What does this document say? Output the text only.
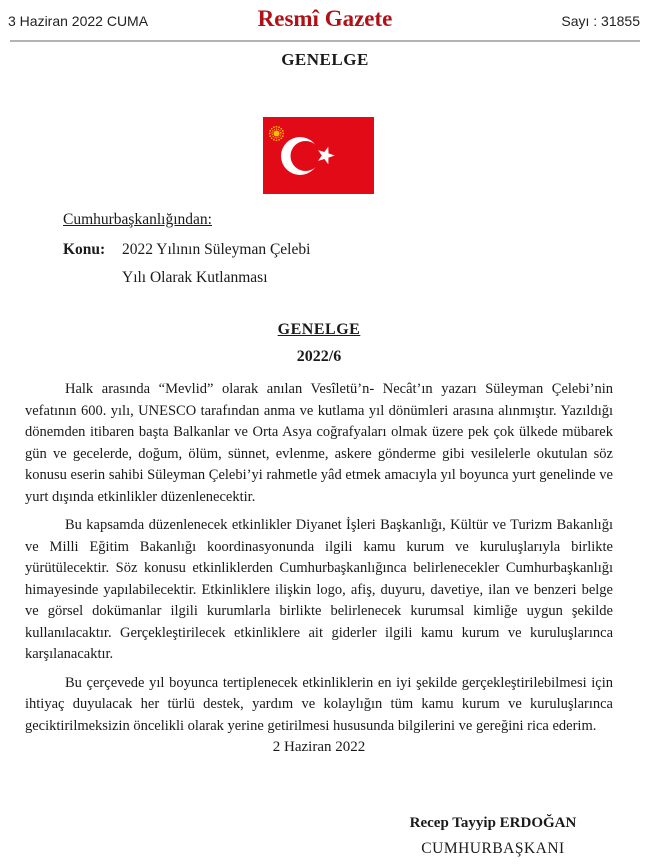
3 Haziran 2022 CUMA	Resmî Gazete	Sayı : 31855
GENELGE
Cumhurbaşkanlığından:
Konu:	2022 Yılının Süleyman Çelebi
Yılı Olarak Kutlanması
GENELGE
2022/6

Halk arasında “Mevlid” olarak anılan Vesîletü’n- Necât’ın yazarı Süleyman Çelebi’nin vefatının 600. yılı, UNESCO tarafından anma ve kutlama yıl dönümleri arasına alınmıştır. Yazıldığı dönemden itibaren başta Balkanlar ve Orta Asya coğrafyaları olmak üzere pek çok ülkede mübarek gün ve gecelerde, doğum, ölüm, sünnet, evlenme, askere gönderme gibi vesilelerle okutulan söz konusu eserin sahibi Süleyman Çelebi’yi rahmetle yâd etmek amacıyla yıl boyunca yurt genelinde ve yurt dışında etkinlikler düzenlenecektir.

Bu kapsamda düzenlenecek etkinlikler Diyanet İşleri Başkanlığı, Kültür ve Turizm Bakanlığı ve Milli Eğitim Bakanlığı koordinasyonunda ilgili kamu kurum ve kuruluşlarıyla birlikte yürütülecektir. Söz konusu etkinliklerden Cumhurbaşkanlığınca belirlenecekler Cumhurbaşkanlığı himayesinde yapılabilecektir. Etkinliklere ilişkin logo, afiş, duyuru, davetiye, ilan ve benzeri belge ve görsel dokümanlar ilgili kurumlarla birlikte belirlenecek kurumsal kimliğe uygun şekilde kullanılacaktır. Gerçekleştirilecek etkinliklere ait giderler ilgili kamu kurum ve kuruluşlarınca karşılanacaktır.

Bu çerçevede yıl boyunca tertiplenecek etkinliklerin en iyi şekilde gerçekleştirilebilmesi için ihtiyaç duyulacak her türlü destek, yardım ve kolaylığın tüm kamu kurum ve kuruluşlarınca geciktirilmeksizin öncelikli olarak yerine getirilmesi hususunda bilgilerini ve gereğini rica ederim.

2 Haziran 2022
Recep Tayyip ERDOĞAN
CUMHURBAŞKANI
